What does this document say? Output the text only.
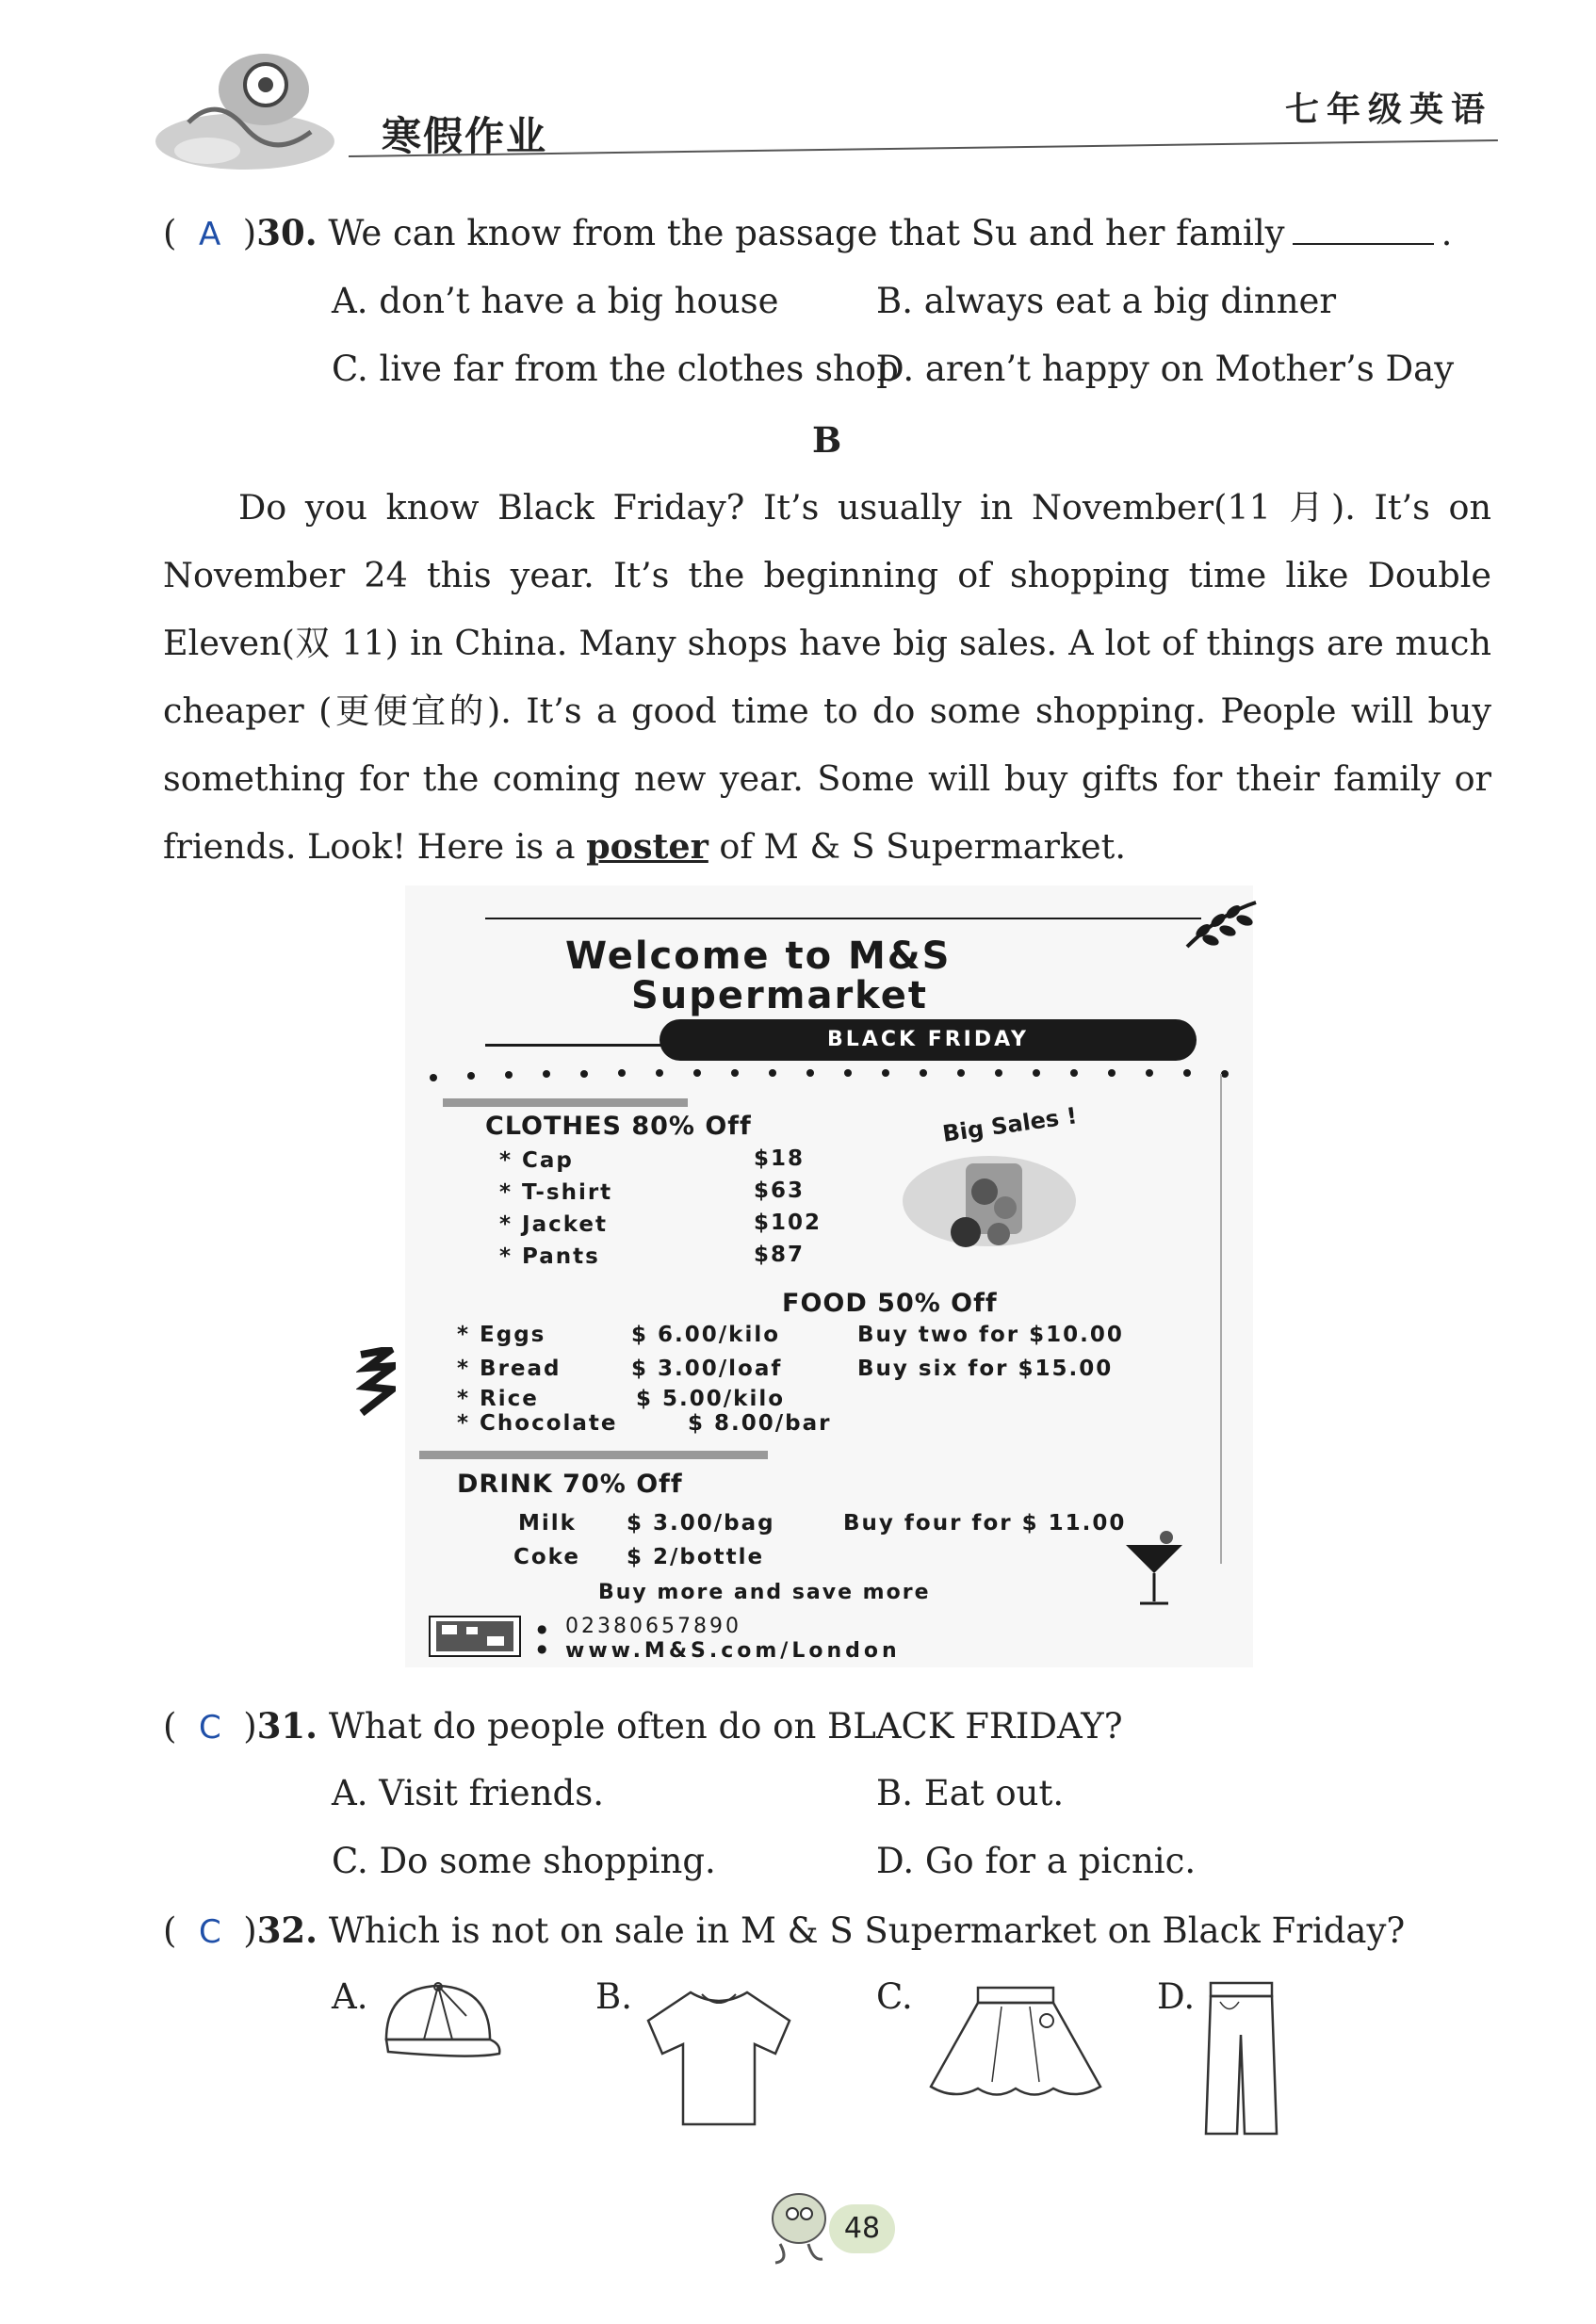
寒假作业
七年级英语
(  A  )30. We can know from the passage that Su and her family	.
A. don’t have a big house	B. always eat a big dinner
C. live far from the clothes shop
D. aren’t happy on Mother’s Day
B

Do you know Black Friday? It’s usually in November(11 月). It’s on November 24 this year. It’s the beginning of shopping time like Double Eleven(双 11) in China. Many shops have big sales. A lot of things are much cheaper (更便宜的). It’s a good time to do some shopping. People will buy something for the coming new year. Some will buy gifts for their family or friends. Look! Here is a poster of M & S Supermarket.

Welcome to M&S
Supermarket
BLACK FRIDAY
CLOTHES 80% Off
* Cap	$18
* T-shirt	$63
* Jacket	$102
* Pants	$87
Big Sales !
FOOD 50% Off
* Eggs	$ 6.00/kilo	Buy two for $10.00
* Bread	$ 3.00/loaf	Buy six for $15.00
* Rice	$ 5.00/kilo
* Chocolate	$ 8.00/bar
DRINK 70% Off
Milk $ 3.00/bag	Buy four for $ 11.00
Coke $ 2/bottle
Buy more and save more
●
●
02380657890
www.M&S.com/London
(  C  )31. What do people often do on BLACK FRIDAY?
A. Visit friends.	B. Eat out.
C. Do some shopping.	D. Go for a picnic.
(  C  )32. Which is not on sale in M & S Supermarket on Black Friday?
A.	B.	C.	D.
48
